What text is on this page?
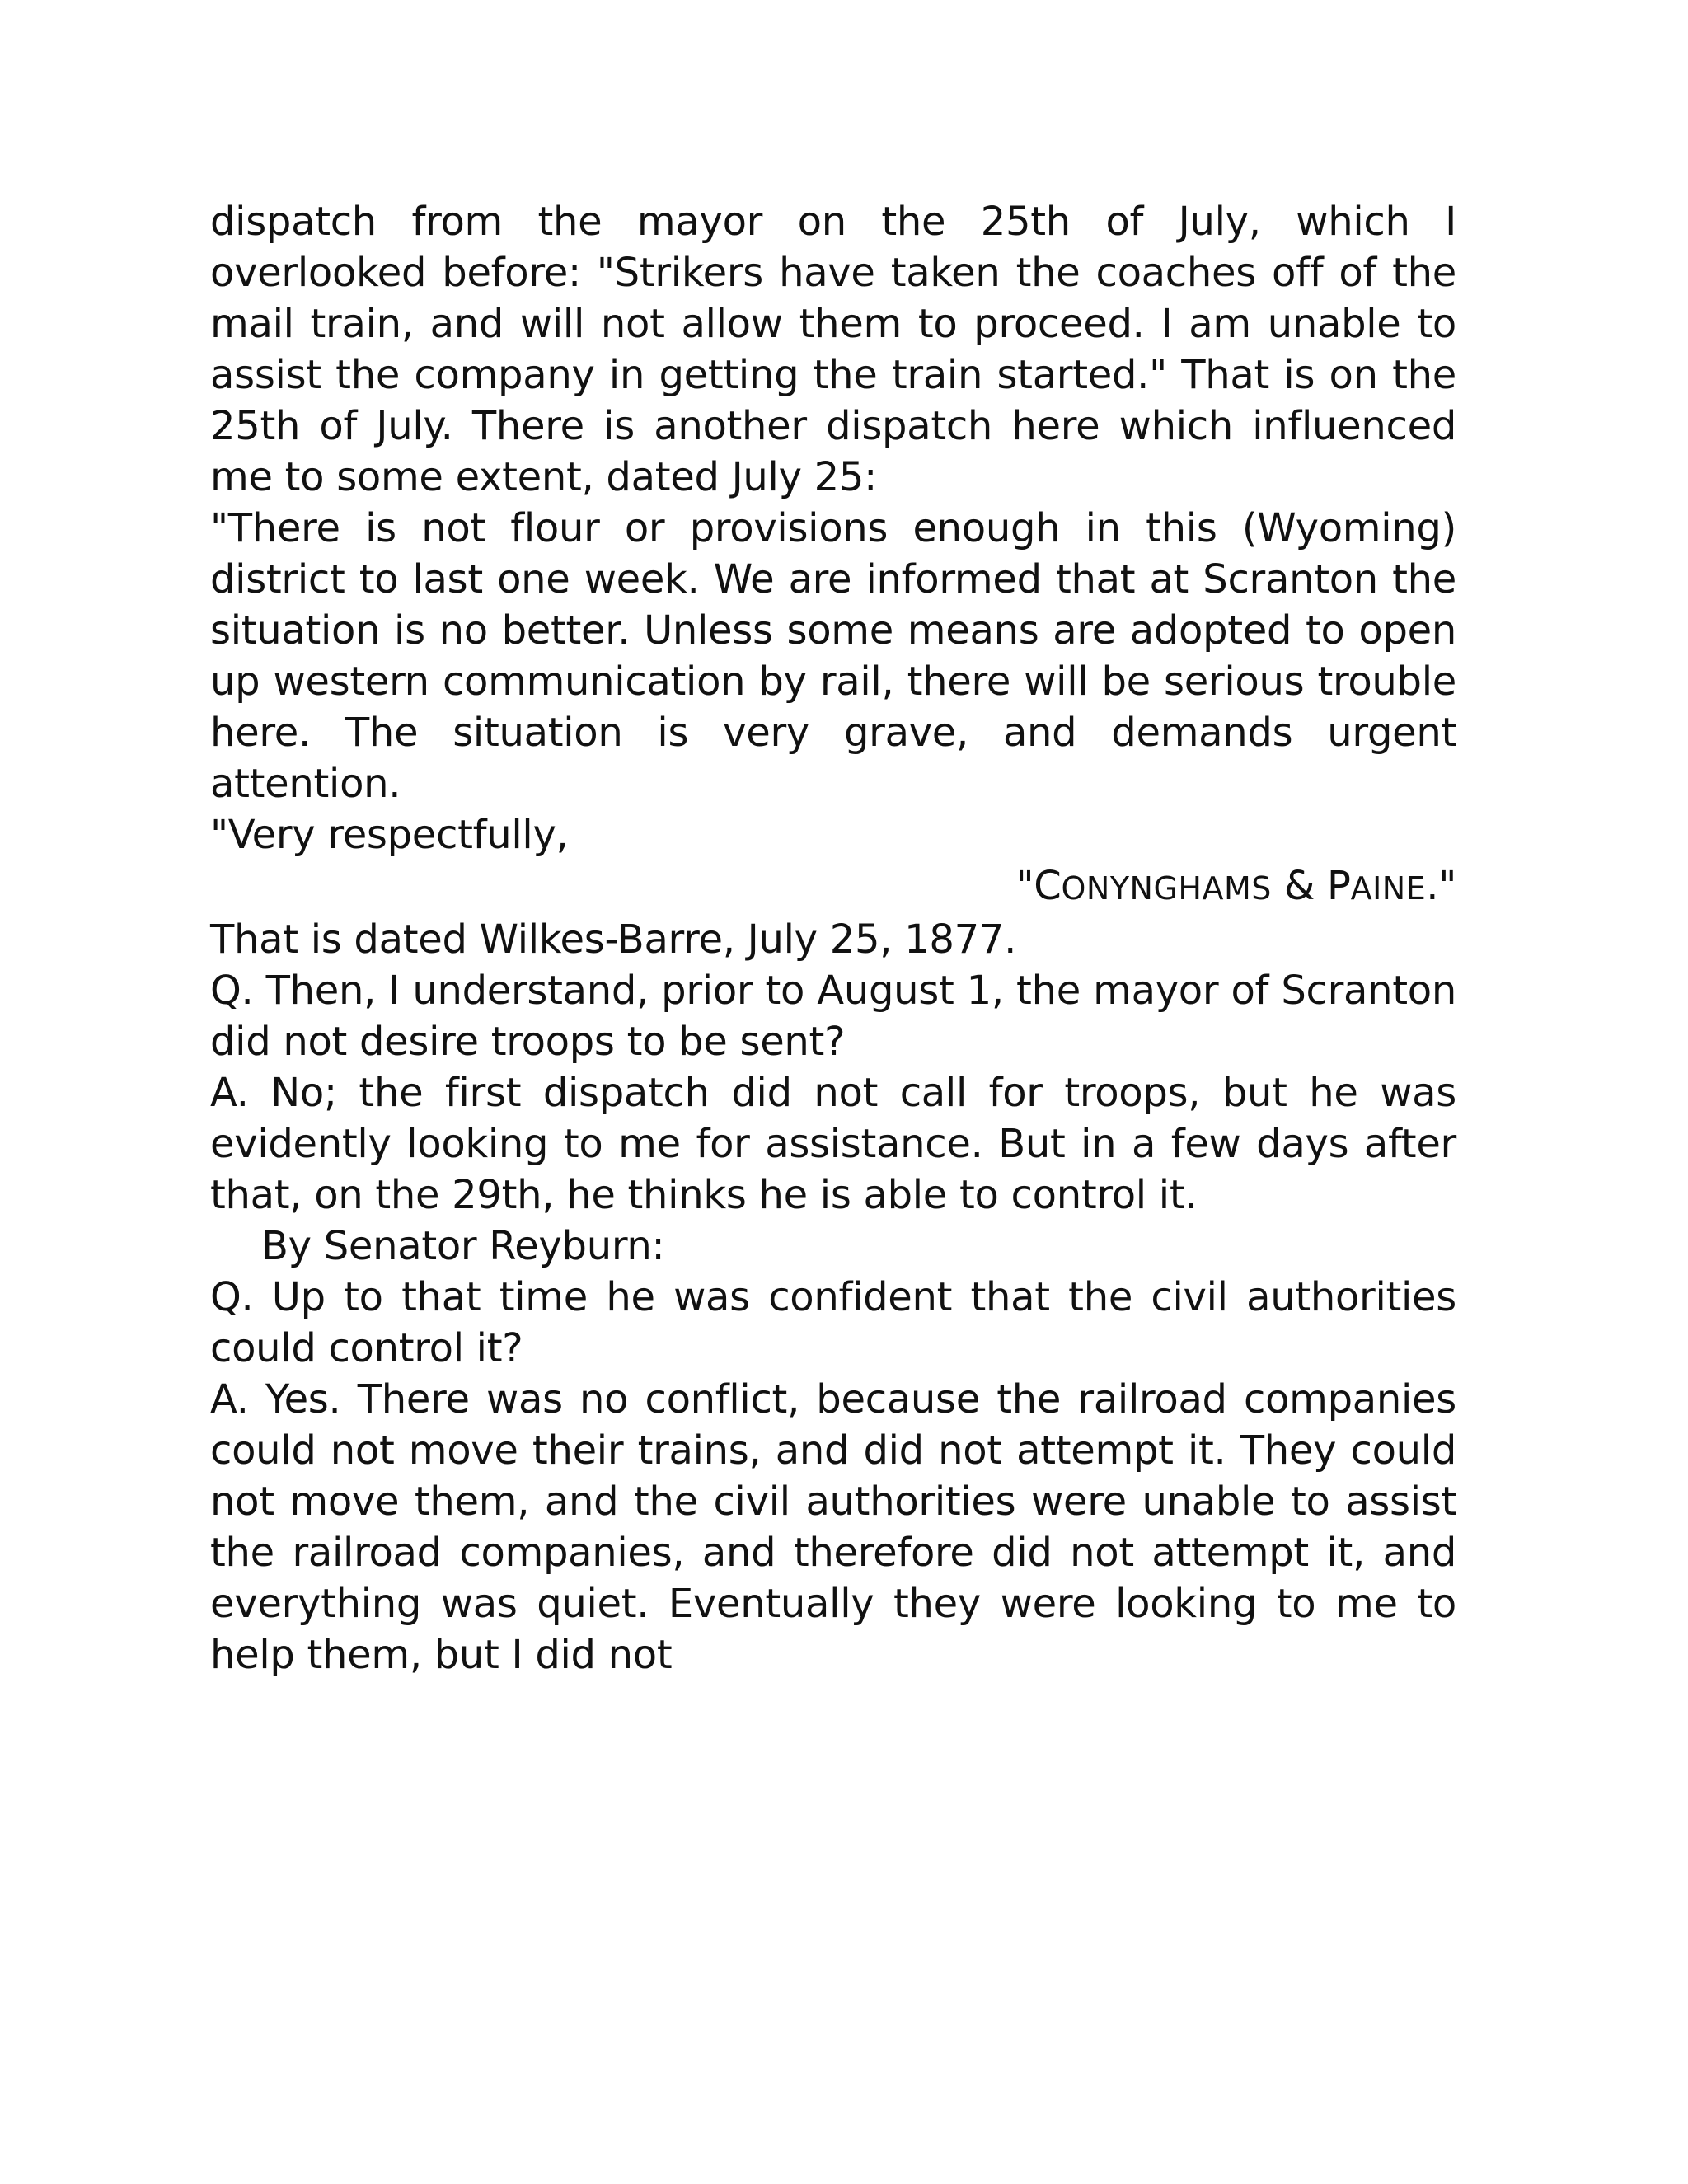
dispatch from the mayor on the 25th of July, which I overlooked before: "Strikers have taken the coaches off of the mail train, and will not allow them to proceed. I am unable to assist the company in getting the train started." That is on the 25th of July. There is another dispatch here which influenced me to some extent, dated July 25:

"There is not flour or provisions enough in this (Wyoming) district to last one week. We are informed that at Scranton the situation is no better. Unless some means are adopted to open up western communication by rail, there will be serious trouble here. The situation is very grave, and demands urgent attention.

"Very respectfully,

"CONYNGHAMS & PAINE."

That is dated Wilkes-Barre, July 25, 1877.

Q. Then, I understand, prior to August 1, the mayor of Scranton did not desire troops to be sent?

A. No; the first dispatch did not call for troops, but he was evidently looking to me for assistance. But in a few days after that, on the 29th, he thinks he is able to control it.

By Senator Reyburn:

Q. Up to that time he was confident that the civil authorities could control it?

A. Yes. There was no conflict, because the railroad companies could not move their trains, and did not attempt it. They could not move them, and the civil authorities were unable to assist the railroad companies, and therefore did not attempt it, and everything was quiet. Eventually they were looking to me to help them, but I did not
